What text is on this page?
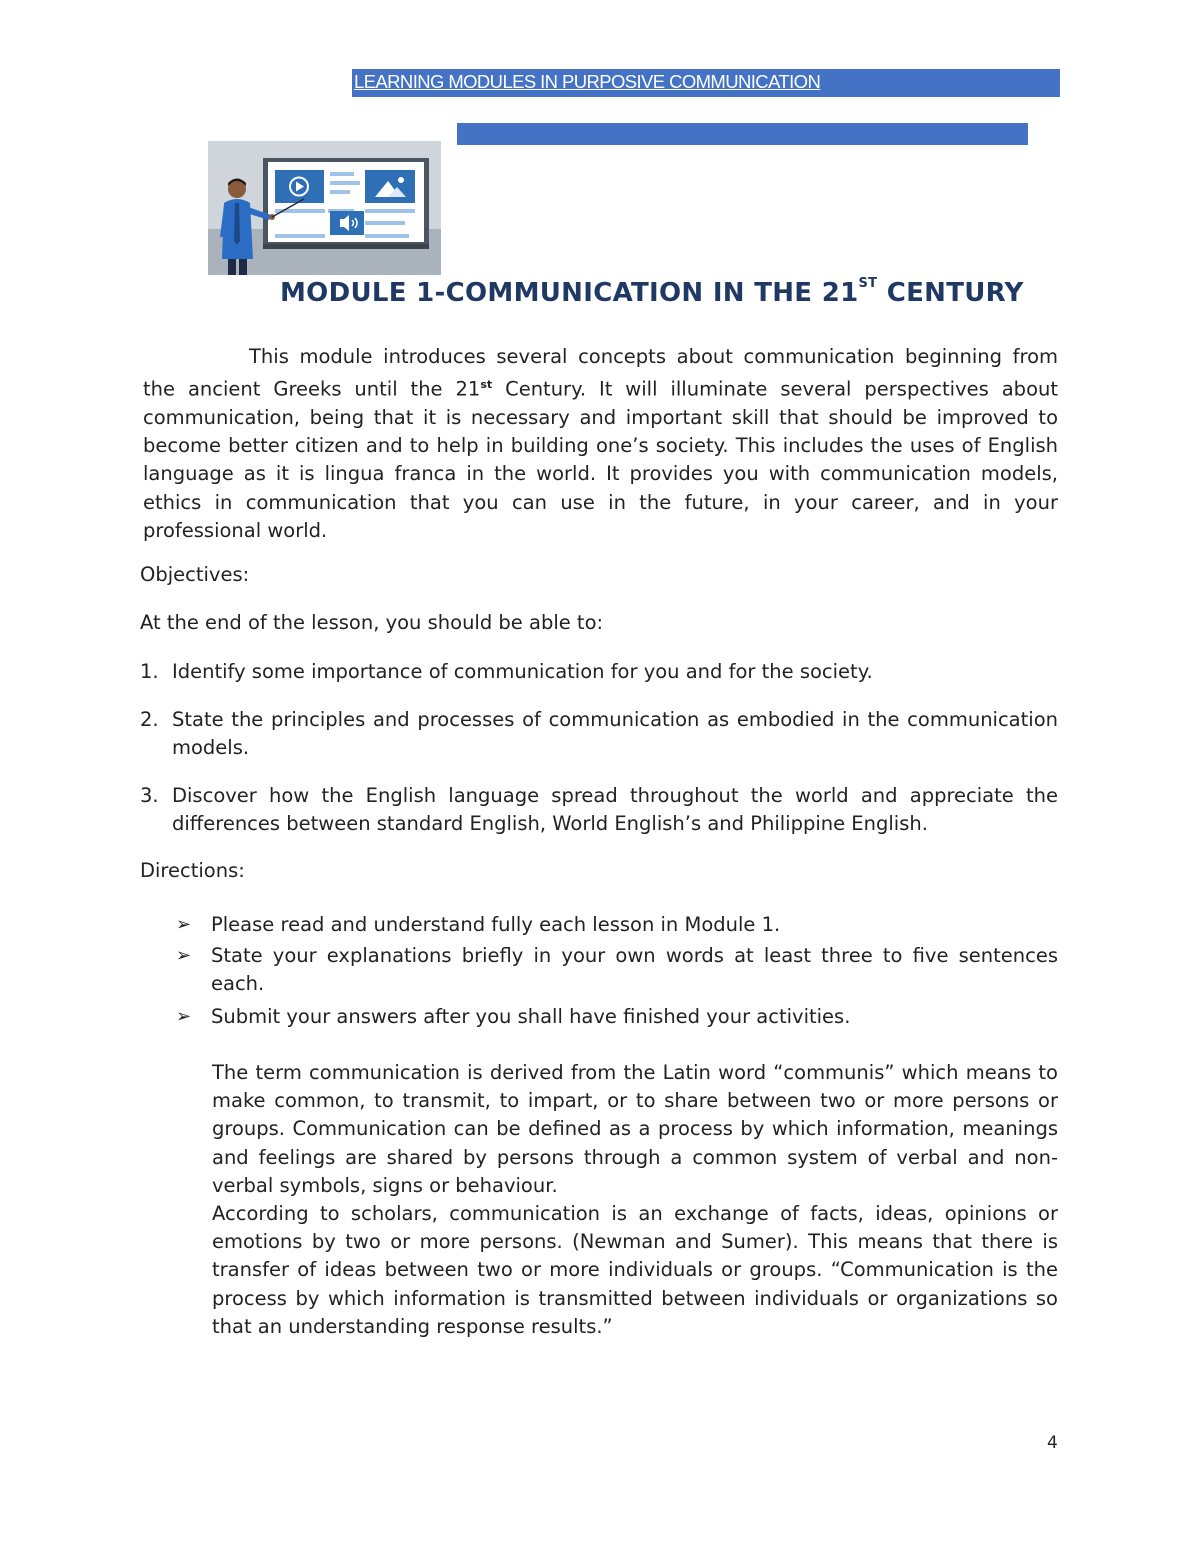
LEARNING MODULES IN PURPOSIVE COMMUNICATION
MODULE 1-COMMUNICATION IN THE 21ST CENTURY

This module introduces several concepts about communication beginning from the ancient Greeks until the 21st Century. It will illuminate several perspectives about communication, being that it is necessary and important skill that should be improved to become better citizen and to help in building one’s society. This includes the uses of English language as it is lingua franca in the world. It provides you with communication models, ethics in communication that you can use in the future, in your career, and in your professional world.

Objectives:

At the end of the lesson, you should be able to:

1. Identify some importance of communication for you and for the society.
2. State the principles and processes of communication as embodied in the communication models.
3. Discover how the English language spread throughout the world and appreciate the differences between standard English, World English’s and Philippine English.

Directions:

➢ Please read and understand fully each lesson in Module 1.
➢ State your explanations briefly in your own words at least three to five sentences each.
➢ Submit your answers after you shall have finished your activities.

The term communication is derived from the Latin word “communis” which means to make common, to transmit, to impart, or to share between two or more persons or groups. Communication can be defined as a process by which information, meanings and feelings are shared by persons through a common system of verbal and non- verbal symbols, signs or behaviour.

According to scholars, communication is an exchange of facts, ideas, opinions or emotions by two or more persons. (Newman and Sumer). This means that there is transfer of ideas between two or more individuals or groups. “Communication is the process by which information is transmitted between individuals or organizations so that an understanding response results.”

4
